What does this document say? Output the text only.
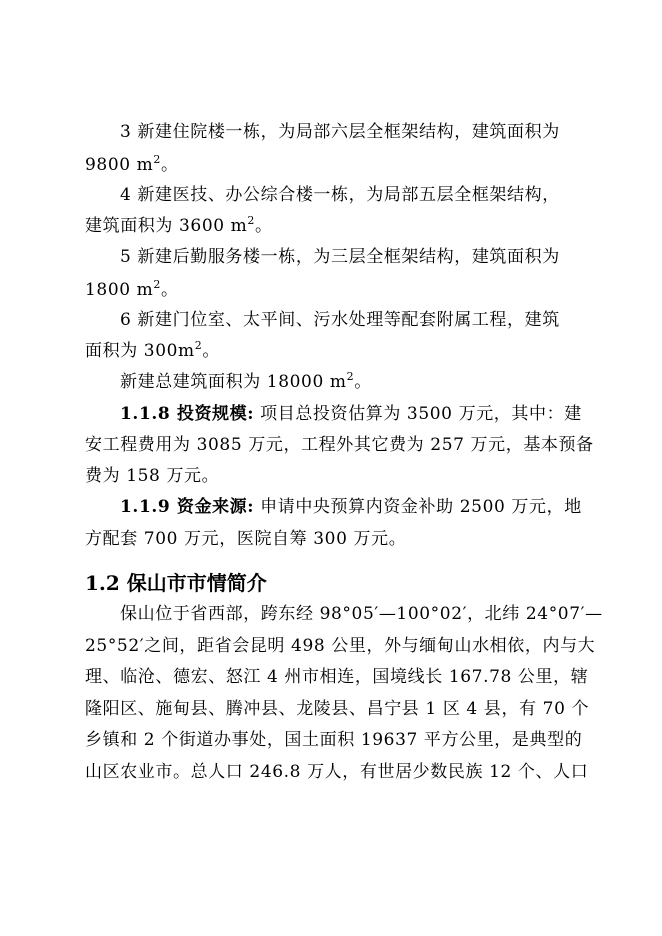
3 新建住院楼一栋，为局部六层全框架结构，建筑面积为
9800 $m^2$。
4 新建医技、办公综合楼一栋，为局部五层全框架结构，
建筑面积为 3600 $m^2$。
5 新建后勤服务楼一栋，为三层全框架结构，建筑面积为
1800 $m^2$。
6 新建门位室、太平间、污水处理等配套附属工程，建筑
面积为 $300m^2$。
新建总建筑面积为 18000 $m^2$。
1.1.8 投资规模: 项目总投资估算为 3500 万元，其中：建
安工程费用为 3085 万元，工程外其它费为 257 万元，基本预备
费为 158 万元。
1.1.9 资金来源: 申请中央预算内资金补助 2500 万元，地
方配套 700 万元，医院自筹 300 万元。
1.2 保山市市情简介
保山位于省西部，跨东经 98°05′—100°02′，北纬 24°07′—
25°52′之间，距省会昆明 498 公里，外与缅甸山水相依，内与大
理、临沧、德宏、怒江 4 州市相连，国境线长 167.78 公里，辖
隆阳区、施甸县、腾冲县、龙陵县、昌宁县 1 区 4 县，有 70 个
乡镇和 2 个街道办事处，国土面积 19637 平方公里，是典型的
山区农业市。总人口 246.8 万人，有世居少数民族 12 个、人口
